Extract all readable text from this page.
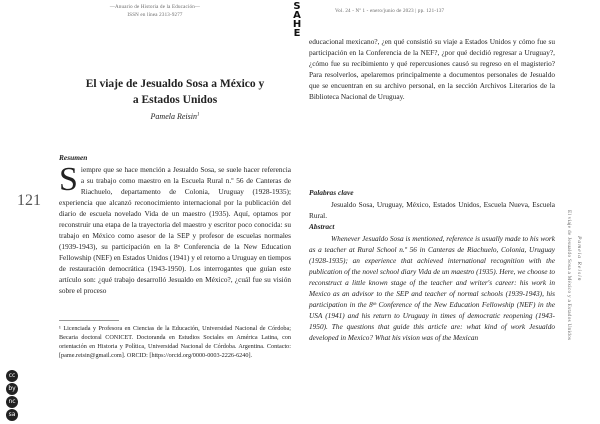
—Anuario de Historia de la Educación—
ISSN en línea 2313-9277
S
A
H
E
Vol. 24 - Nº 1 - enero/junio de 2023 | pp. 121-137
El viaje de Jesualdo Sosa a México y
a Estados Unidos
Pamela Reisin$^1$
121
Resumen
Siempre que se hace mención a Jesualdo Sosa, se suele hacer referencia a su trabajo como maestro en la Escuela Rural n.º 56 de Canteras de Riachuelo, departamento de Colonia, Uruguay (1928-1935); experiencia que alcanzó reconocimiento internacional por la publicación del diario de escuela novelado Vida de un maestro (1935). Aquí, optamos por reconstruir una etapa de la trayectoria del maestro y escritor poco conocida: su trabajo en México como asesor de la SEP y profesor de escuelas normales (1939-1943), su participación en la 8ᵃ Conferencia de la New Education Fellowship (NEF) en Estados Unidos (1941) y el retorno a Uruguay en tiempos de restauración democrática (1943-1950). Los interrogantes que guían este artículo son: ¿qué trabajo desarrolló Jesualdo en México?, ¿cuál fue su visión sobre el proceso
¹ Licenciada y Profesora en Ciencias de la Educación, Universidad Nacional de Córdoba; Becaria doctoral CONICET. Doctoranda en Estudios Sociales en América Latina, con orientación en Historia y Política, Universidad Nacional de Córdoba. Argentina. Contacto: [pame.reisin@gmail.com]. ORCID: [https://orcid.org/0000-0003-2226-6240].
educacional mexicano?, ¿en qué consistió su viaje a Estados Unidos y cómo fue su participación en la Conferencia de la NEF?, ¿por qué decidió regresar a Uruguay?, ¿cómo fue su recibimiento y qué repercusiones causó su regreso en el magisterio? Para resolverlos, apelaremos principalmente a documentos personales de Jesualdo que se encuentran en su archivo personal, en la sección Archivos Literarios de la Biblioteca Nacional de Uruguay.
Palabras clave
Jesualdo Sosa, Uruguay, México, Estados Unidos, Escuela Nueva, Escuela Rural.
Abstract
Whenever Jesualdo Sosa is mentioned, reference is usually made to his work as a teacher at Rural School n.º 56 in Canteras de Riachuelo, Colonia, Uruguay (1928-1935); an experience that achieved international recognition with the publication of the novel school diary Vida de un maestro (1935). Here, we choose to reconstruct a little known stage of the teacher and writer's career: his work in Mexico as an advisor to the SEP and teacher of normal schools (1939-1943), his participation in the 8ᵗʰ Conference of the New Education Fellowship (NEF) in the USA (1941) and his return to Uruguay in times of democratic reopening (1943-1950). The questions that guide this article are: what kind of work Jesualdo developed in Mexico? What his vision was of the Mexican	El viaje de Jesualdo Sosa a México y a Estados Unidos Pamela Reisin
cc
by
nc
sa
